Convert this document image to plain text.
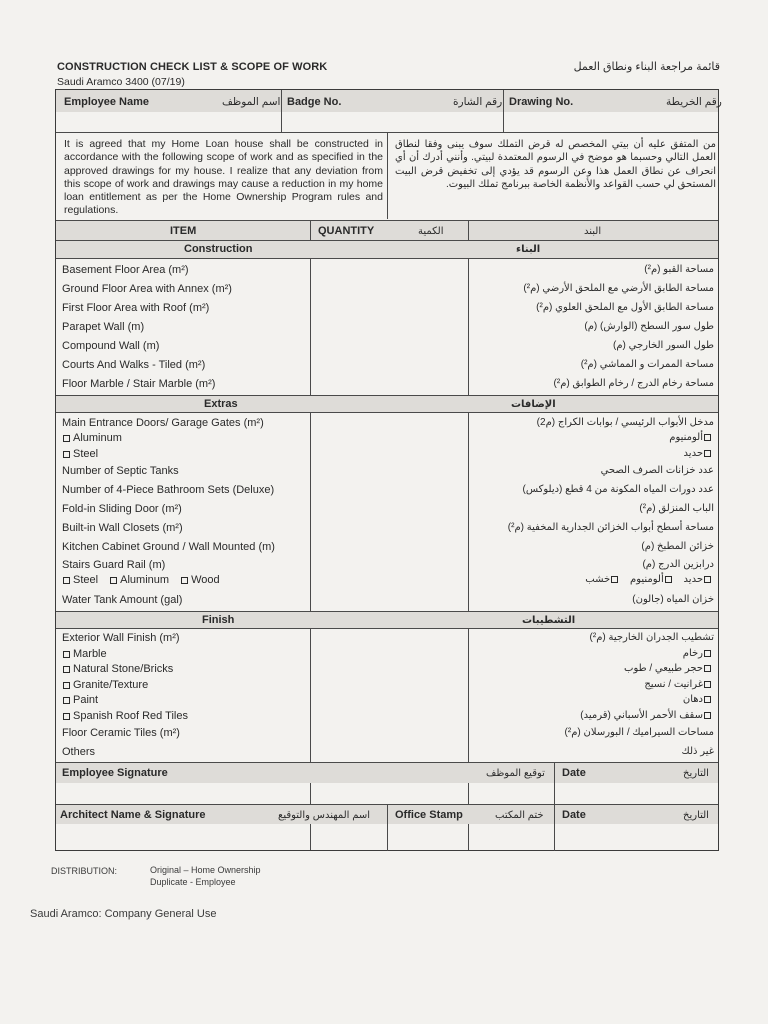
CONSTRUCTION CHECK LIST & SCOPE OF WORK
Saudi Aramco 3400 (07/19)
قائمة مراجعة البناء ونطاق العمل
Employee Name	اسم الموظف Badge No.	رقم الشارة Drawing No.	رقم الخريطة
It is agreed that my Home Loan house shall be constructed in accordance with the following scope of work and as specified in the approved drawings for my house. I realize that any deviation from this scope of work and drawings may cause a reduction in my home loan entitlement as per the Home Ownership Program rules and regulations.
من المتفق عليه أن بيتي المخصص له قرض التملك سوف يبنى وفقا لنطاق العمل التالي وحسبما هو موضح في الرسوم المعتمدة لبيتي. وأنني أدرك أن أي انحراف عن نطاق العمل هذا وعن الرسوم قد يؤدي إلى تخفيض قرض البيت المستحق لي حسب القواعد والأنظمة الخاصة ببرنامج تملك البيوت.
ITEM	QUANTITY	الكمية	البند
Construction	البناء
Basement Floor Area (m²)	مساحة القبو (م²)
Ground Floor Area with Annex (m²)	مساحة الطابق الأرضي مع الملحق الأرضي (م²)
First Floor Area with Roof (m²)	مساحة الطابق الأول مع الملحق العلوي (م²)
Parapet Wall (m)	طول سور السطح (الوارش) (م)
Compound Wall (m)	طول السور الخارجي (م)
Courts And Walks - Tiled (m²)	مساحة الممرات و المماشي (م²)
Floor Marble / Stair Marble (m²)	مساحة رخام الدرج / رخام الطوابق (م²)
Extras	الإضافات
Main Entrance Doors/ Garage Gates (m²)	مدخل الأبواب الرئيسي / بوابات الكراج (م2)
Aluminum	ألومنيوم
Steel	حديد
Number of Septic Tanks	عدد خزانات الصرف الصحي
Number of 4-Piece Bathroom Sets (Deluxe)	عدد دورات المياه المكونة من 4 قطع (ديلوكس)
Fold-in Sliding Door (m²)	الباب المنزلق (م²)
Built-in Wall Closets (m²)	مساحة أسطح أبواب الخزائن الجدارية المخفية (م²)
Kitchen Cabinet Ground / Wall Mounted (m)	خزائن المطبخ (م)
Stairs Guard Rail (m)	درابزين الدرج (م)
Steel Aluminum Wood	حديد ألومنيوم خشب
Water Tank Amount (gal)	خزان المياه (جالون)
Finish	التشطيبات
Exterior Wall Finish (m²)	تشطيب الجدران الخارجية (م²)
Marble	رخام
Natural Stone/Bricks	حجر طبيعي / طوب
Granite/Texture	غرانيت / نسيج
Paint	دهان
Spanish Roof Red Tiles	سقف الأحمر الأسباني (قرميد)
Floor Ceramic Tiles (m²)	مساحات السيراميك / البورسلان (م²)
Others	غير ذلك
Employee Signature	توقيع الموظف Date	التاريخ
Architect Name & Signature	اسم المهندس والتوقيع Office Stamp	ختم المكتب Date	التاريخ
DISTRIBUTION:	Original – Home Ownership
Duplicate - Employee
Saudi Aramco: Company General Use
